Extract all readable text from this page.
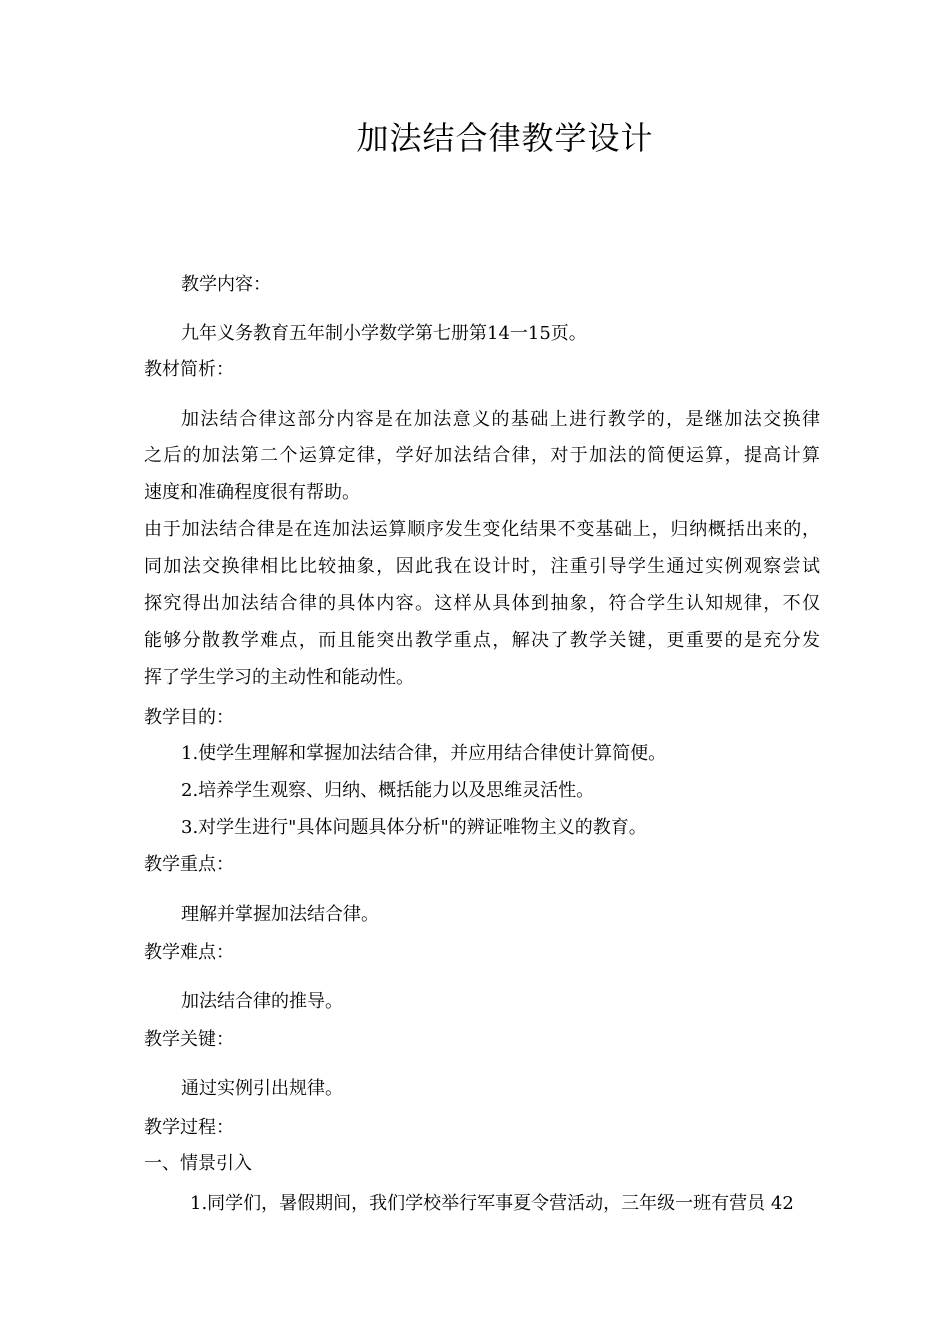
加法结合律教学设计
教学内容：
九年义务教育五年制小学数学第七册第14一15页。
教材简析：
加法结合律这部分内容是在加法意义的基础上进行教学的，是继加法交换律
之后的加法第二个运算定律，学好加法结合律，对于加法的简便运算，提高计算
速度和准确程度很有帮助。
由于加法结合律是在连加法运算顺序发生变化结果不变基础上，归纳概括出来的，
同加法交换律相比比较抽象，因此我在设计时，注重引导学生通过实例观察尝试
探究得出加法结合律的具体内容。这样从具体到抽象，符合学生认知规律，不仅
能够分散教学难点，而且能突出教学重点，解决了教学关键，更重要的是充分发
挥了学生学习的主动性和能动性。
教学目的：
1.使学生理解和掌握加法结合律，并应用结合律使计算简便。
2.培养学生观察、归纳、概括能力以及思维灵活性。
3.对学生进行"具体问题具体分析"的辨证唯物主义的教育。
教学重点：
理解并掌握加法结合律。
教学难点：
加法结合律的推导。
教学关键：
通过实例引出规律。
教学过程：
一、情景引入
1.同学们，暑假期间，我们学校举行军事夏令营活动，三年级一班有营员 42
